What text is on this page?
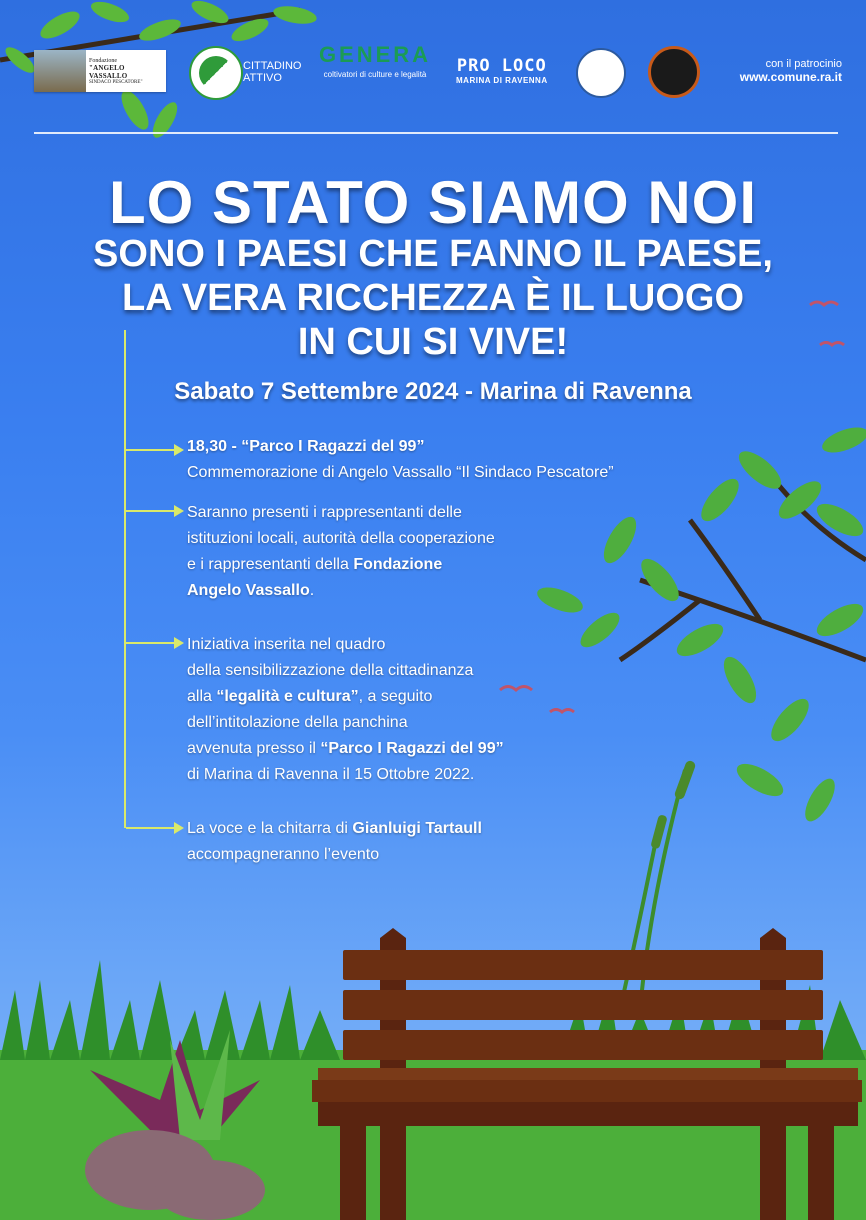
Fondazione
"ANGELO VASSALLO
SINDACO PESCATORE"
CITTADINO
ATTIVO
GENERA
coltivatori di culture e legalità	PRO LOCO
MARINA DI RAVENNA
con il patrocinio
www.comune.ra.it
LO STATO SIAMO NOI
SONO I PAESI CHE FANNO IL PAESE,
LA VERA RICCHEZZA È IL LUOGO
IN CUI SI VIVE!
Sabato 7 Settembre 2024 - Marina di Ravenna
18,30 - “Parco I Ragazzi del 99”
Commemorazione di Angelo Vassallo “Il Sindaco Pescatore”
Saranno presenti i rappresentanti delle
istituzioni locali, autorità della cooperazione
e i rappresentanti della Fondazione
Angelo Vassallo.
Iniziativa inserita nel quadro
della sensibilizzazione della cittadinanza
alla “legalità e cultura”, a seguito
dell’intitolazione della panchina
avvenuta presso il “Parco I Ragazzi del 99”
di Marina di Ravenna il 15 Ottobre 2022.
La voce e la chitarra di Gianluigi Tartaull
accompagneranno l’evento
